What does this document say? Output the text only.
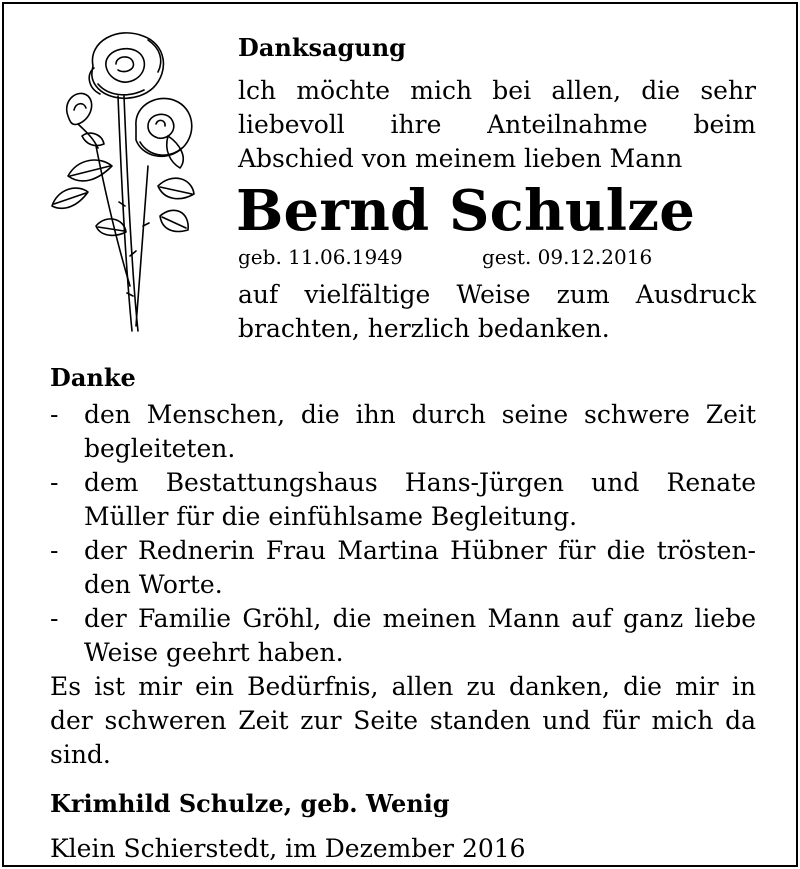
Danksagung
lch möchte mich bei allen, die sehr
liebevoll ihre Anteilnahme beim
Abschied von meinem lieben Mann
Bernd Schulze
geb. 11.06.1949	gest. 09.12.2016
auf vielfältige Weise zum Ausdruck
brachten, herzlich bedanken.
Danke
- den Menschen, die ihn durch seine schwere Zeit
begleiteten.
- dem Bestattungshaus Hans-Jürgen und Renate
Müller für die einfühlsame Begleitung.
- der Rednerin Frau Martina Hübner für die trösten-
den Worte.
- der Familie Gröhl, die meinen Mann auf ganz liebe
Weise geehrt haben.
Es ist mir ein Bedürfnis, allen zu danken, die mir in
der schweren Zeit zur Seite standen und für mich da
sind.
Krimhild Schulze, geb. Wenig
Klein Schierstedt, im Dezember 2016
